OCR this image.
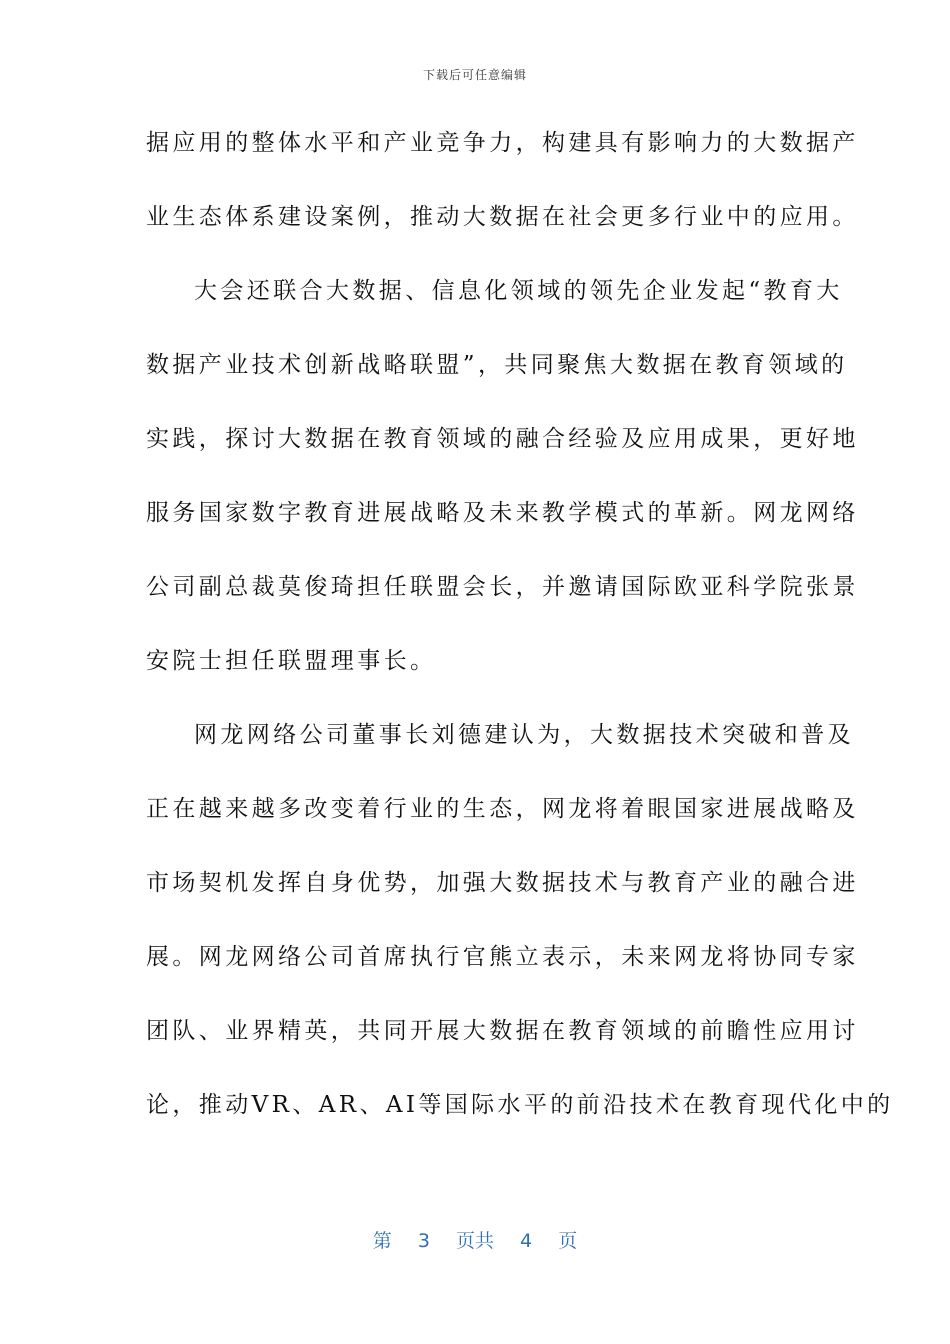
下载后可任意编辑
据应用的整体水平和产业竞争力，构建具有影响力的大数据产
业生态体系建设案例，推动大数据在社会更多行业中的应用。
大会还联合大数据、信息化领域的领先企业发起“教育大
数据产业技术创新战略联盟”，共同聚焦大数据在教育领域的
实践，探讨大数据在教育领域的融合经验及应用成果，更好地
服务国家数字教育进展战略及未来教学模式的革新。网龙网络
公司副总裁莫俊琦担任联盟会长，并邀请国际欧亚科学院张景
安院士担任联盟理事长。
网龙网络公司董事长刘德建认为，大数据技术突破和普及
正在越来越多改变着行业的生态，网龙将着眼国家进展战略及
市场契机发挥自身优势，加强大数据技术与教育产业的融合进
展。网龙网络公司首席执行官熊立表示，未来网龙将协同专家
团队、业界精英，共同开展大数据在教育领域的前瞻性应用讨
论，推动VR、AR、AI等国际水平的前沿技术在教育现代化中的
第 3 页共 4 页
